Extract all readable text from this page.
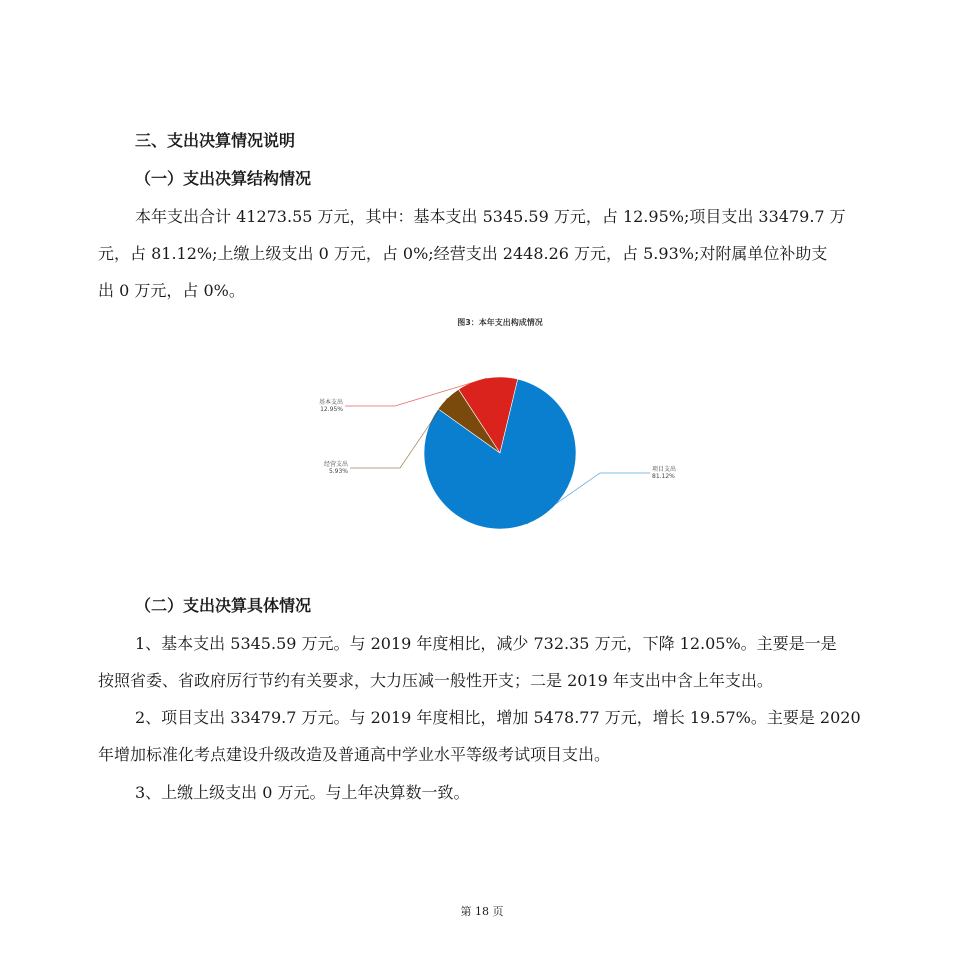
三、支出决算情况说明
（一）支出决算结构情况
本年支出合计 41273.55 万元，其中：基本支出 5345.59 万元，占 12.95%;项目支出 33479.7 万
元，占 81.12%;上缴上级支出 0 万元，占 0%;经营支出 2448.26 万元，占 5.93%;对附属单位补助支
出 0 万元，占 0%。
图3：本年支出构成情况
基本支出
12.95%
项目支出
81.12%
经营支出
5.93%
（二）支出决算具体情况
1、基本支出 5345.59 万元。与 2019 年度相比，减少 732.35 万元，下降 12.05%。主要是一是
按照省委、省政府厉行节约有关要求，大力压减一般性开支；二是 2019 年支出中含上年支出。
2、项目支出 33479.7 万元。与 2019 年度相比，增加 5478.77 万元，增长 19.57%。主要是 2020
年增加标准化考点建设升级改造及普通高中学业水平等级考试项目支出。
3、上缴上级支出 0 万元。与上年决算数一致。
第 18 页
